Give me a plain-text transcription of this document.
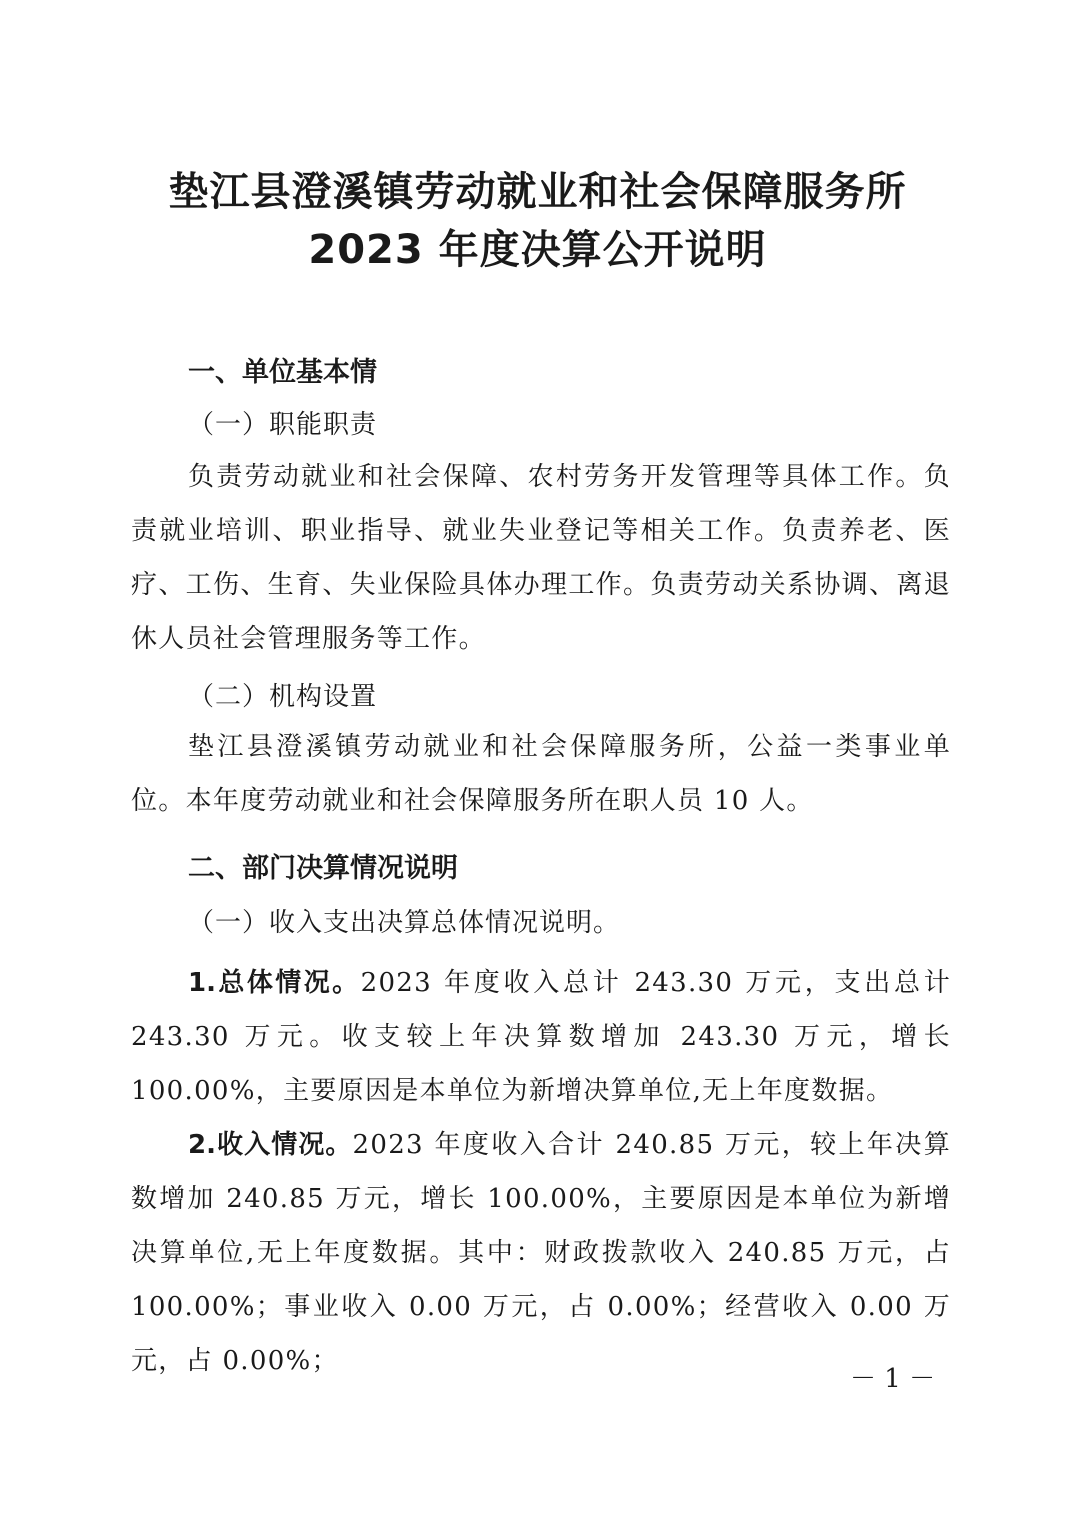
垫江县澄溪镇劳动就业和社会保障服务所
2023 年度决算公开说明
一、单位基本情
（一）职能职责
负责劳动就业和社会保障、农村劳务开发管理等具体工作。负责就业培训、职业指导、就业失业登记等相关工作。负责养老、医疗、工伤、生育、失业保险具体办理工作。负责劳动关系协调、离退休人员社会管理服务等工作。
（二）机构设置
垫江县澄溪镇劳动就业和社会保障服务所，公益一类事业单位。本年度劳动就业和社会保障服务所在职人员 10 人。
二、部门决算情况说明
（一）收入支出决算总体情况说明。
1.总体情况。2023 年度收入总计 243.30 万元，支出总计 243.30 万元。收支较上年决算数增加 243.30 万元，增长 100.00%，主要原因是本单位为新增决算单位,无上年度数据。
2.收入情况。2023 年度收入合计 240.85 万元，较上年决算数增加 240.85 万元，增长 100.00%，主要原因是本单位为新增决算单位,无上年度数据。其中：财政拨款收入 240.85 万元，占 100.00%；事业收入 0.00 万元，占 0.00%；经营收入 0.00 万元，占 0.00%；
－ 1 －
